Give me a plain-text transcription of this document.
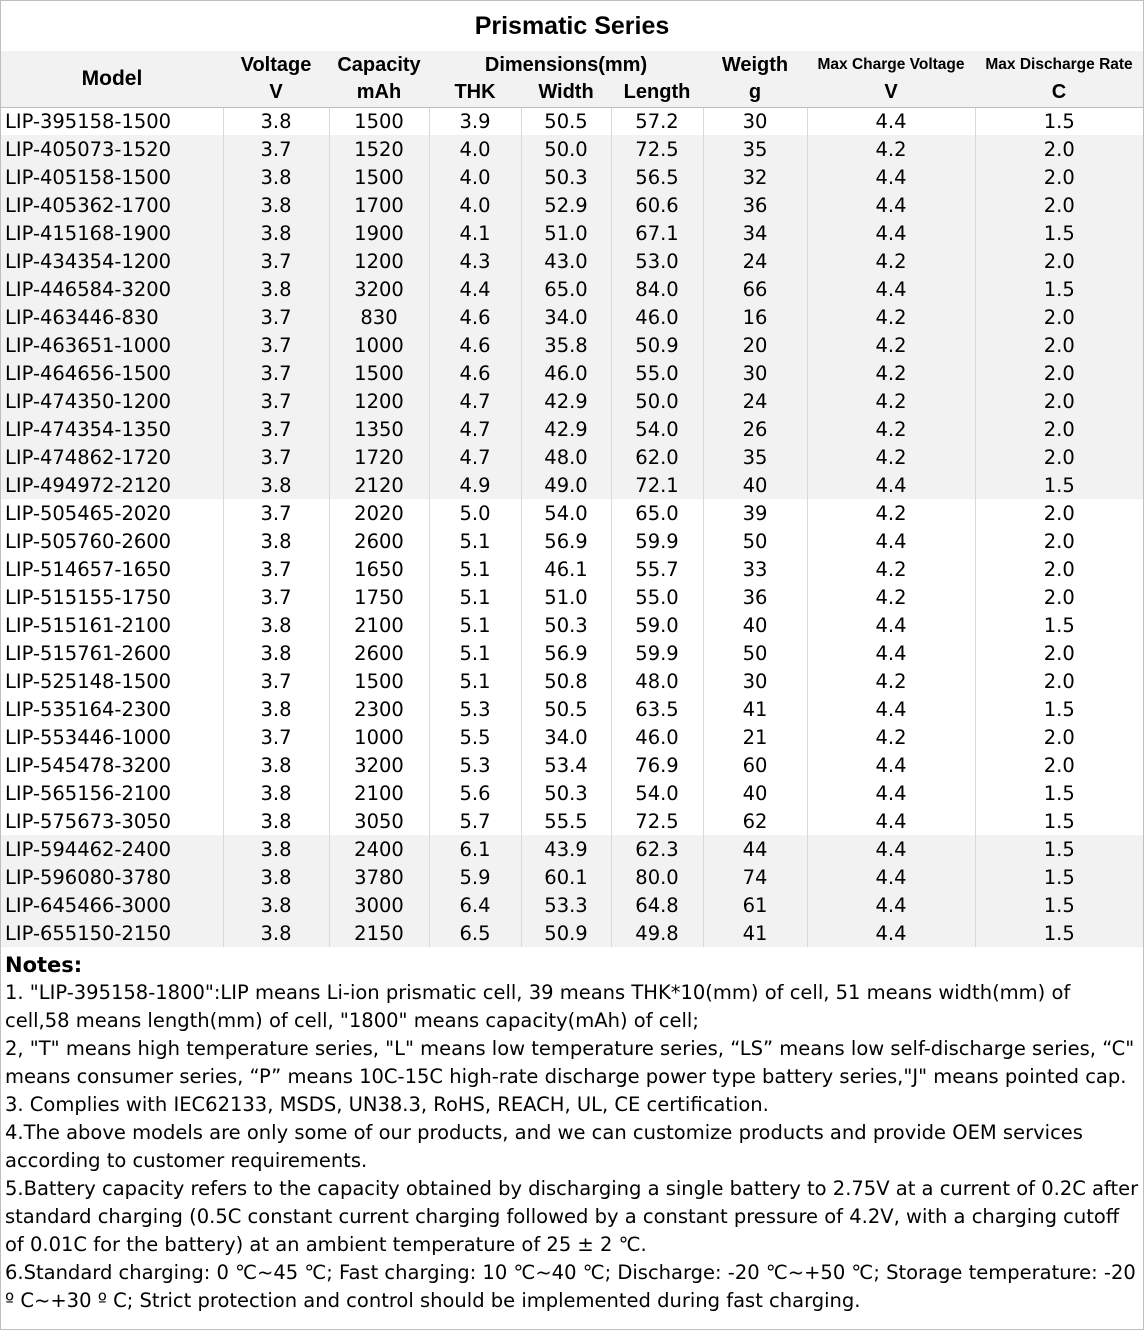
Prismatic Series
Model	Voltage	Capacity	Dimensions(mm)			Weigth	Max Charge Voltage	Max Discharge Rate
	V	mAh	THK	Width	Length	g	V	C
LIP-395158-1500	3.8	1500	3.9	50.5	57.2	30	4.4	1.5
LIP-405073-1520	3.7	1520	4.0	50.0	72.5	35	4.2	2.0
LIP-405158-1500	3.8	1500	4.0	50.3	56.5	32	4.4	2.0
LIP-405362-1700	3.8	1700	4.0	52.9	60.6	36	4.4	2.0
LIP-415168-1900	3.8	1900	4.1	51.0	67.1	34	4.4	1.5
LIP-434354-1200	3.7	1200	4.3	43.0	53.0	24	4.2	2.0
LIP-446584-3200	3.8	3200	4.4	65.0	84.0	66	4.4	1.5
LIP-463446-830	3.7	830	4.6	34.0	46.0	16	4.2	2.0
LIP-463651-1000	3.7	1000	4.6	35.8	50.9	20	4.2	2.0
LIP-464656-1500	3.7	1500	4.6	46.0	55.0	30	4.2	2.0
LIP-474350-1200	3.7	1200	4.7	42.9	50.0	24	4.2	2.0
LIP-474354-1350	3.7	1350	4.7	42.9	54.0	26	4.2	2.0
LIP-474862-1720	3.7	1720	4.7	48.0	62.0	35	4.2	2.0
LIP-494972-2120	3.8	2120	4.9	49.0	72.1	40	4.4	1.5
LIP-505465-2020	3.7	2020	5.0	54.0	65.0	39	4.2	2.0
LIP-505760-2600	3.8	2600	5.1	56.9	59.9	50	4.4	2.0
LIP-514657-1650	3.7	1650	5.1	46.1	55.7	33	4.2	2.0
LIP-515155-1750	3.7	1750	5.1	51.0	55.0	36	4.2	2.0
LIP-515161-2100	3.8	2100	5.1	50.3	59.0	40	4.4	1.5
LIP-515761-2600	3.8	2600	5.1	56.9	59.9	50	4.4	2.0
LIP-525148-1500	3.7	1500	5.1	50.8	48.0	30	4.2	2.0
LIP-535164-2300	3.8	2300	5.3	50.5	63.5	41	4.4	1.5
LIP-553446-1000	3.7	1000	5.5	34.0	46.0	21	4.2	2.0
LIP-545478-3200	3.8	3200	5.3	53.4	76.9	60	4.4	2.0
LIP-565156-2100	3.8	2100	5.6	50.3	54.0	40	4.4	1.5
LIP-575673-3050	3.8	3050	5.7	55.5	72.5	62	4.4	1.5
LIP-594462-2400	3.8	2400	6.1	43.9	62.3	44	4.4	1.5
LIP-596080-3780	3.8	3780	5.9	60.1	80.0	74	4.4	1.5
LIP-645466-3000	3.8	3000	6.4	53.3	64.8	61	4.4	1.5
LIP-655150-2150	3.8	2150	6.5	50.9	49.8	41	4.4	1.5
Notes:

1. "LIP-395158-1800":LIP means Li-ion prismatic cell, 39 means THK*10(mm) of cell, 51 means width(mm) of cell,58 means length(mm) of cell, "1800" means capacity(mAh) of cell;

2, "T" means high temperature series, "L" means low temperature series, “LS” means low self-discharge series, “C" means consumer series, “P” means 10C-15C high-rate discharge power type battery series,"J" means pointed cap.

3. Complies with IEC62133, MSDS, UN38.3, RoHS, REACH, UL, CE certification.

4.The above models are only some of our products, and we can customize products and provide OEM services according to customer requirements.

5.Battery capacity refers to the capacity obtained by discharging a single battery to 2.75V at a current of 0.2C after standard charging (0.5C constant current charging followed by a constant pressure of 4.2V, with a charging cutoff of 0.01C for the battery) at an ambient temperature of 25 ± 2 ℃.

6.Standard charging: 0 ℃~45 ℃; Fast charging: 10 ℃~40 ℃; Discharge: -20 ℃~+50 ℃; Storage temperature: -20 º C~+30 º C; Strict protection and control should be implemented during fast charging.
